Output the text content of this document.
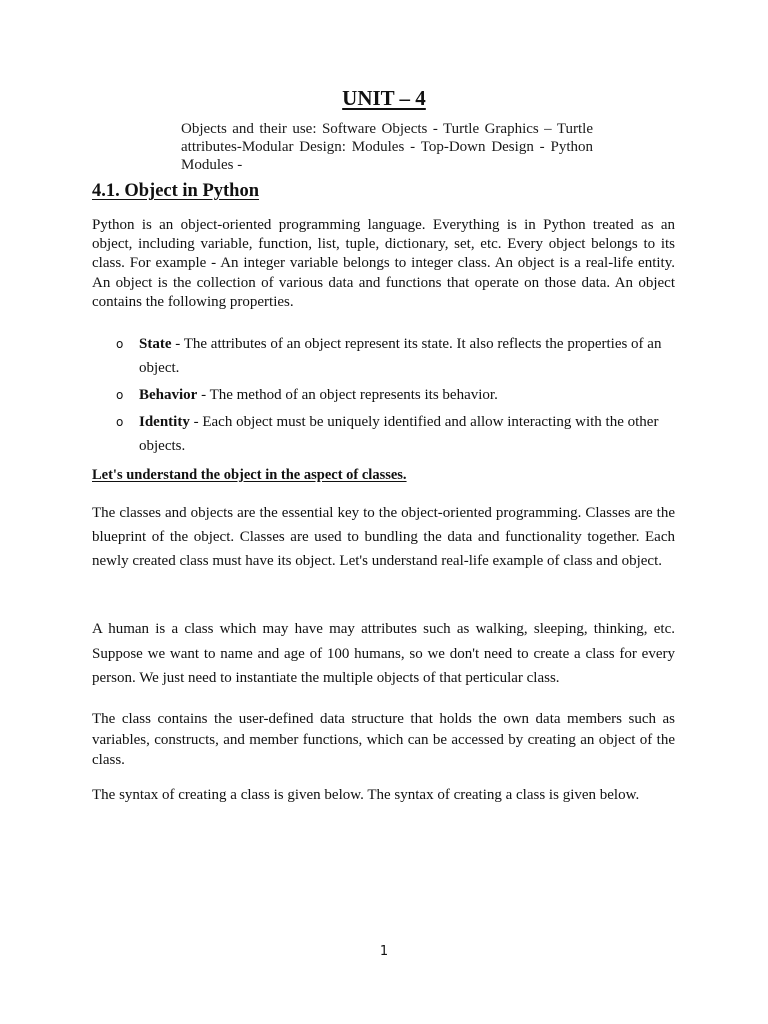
UNIT – 4
Objects and their use: Software Objects - Turtle Graphics – Turtle attributes-Modular Design: Modules - Top-Down Design - Python Modules -
4.1. Object in Python

Python is an object-oriented programming language. Everything is in Python treated as an object, including variable, function, list, tuple, dictionary, set, etc. Every object belongs to its class. For example - An integer variable belongs to integer class. An object is a real-life entity. An object is the collection of various data and functions that operate on those data. An object contains the following properties.

o State - The attributes of an object represent its state. It also reflects the properties of an object.
o Behavior - The method of an object represents its behavior.
o Identity - Each object must be uniquely identified and allow interacting with the other objects.
Let's understand the object in the aspect of classes.

The classes and objects are the essential key to the object-oriented programming. Classes are the blueprint of the object. Classes are used to bundling the data and functionality together. Each newly created class must have its object. Let's understand real-life example of class and object.

A human is a class which may have may attributes such as walking, sleeping, thinking, etc. Suppose we want to name and age of 100 humans, so we don't need to create a class for every person. We just need to instantiate the multiple objects of that perticular class.

The class contains the user-defined data structure that holds the own data members such as variables, constructs, and member functions, which can be accessed by creating an object of the class.

The syntax of creating a class is given below. The syntax of creating a class is given below.

1
